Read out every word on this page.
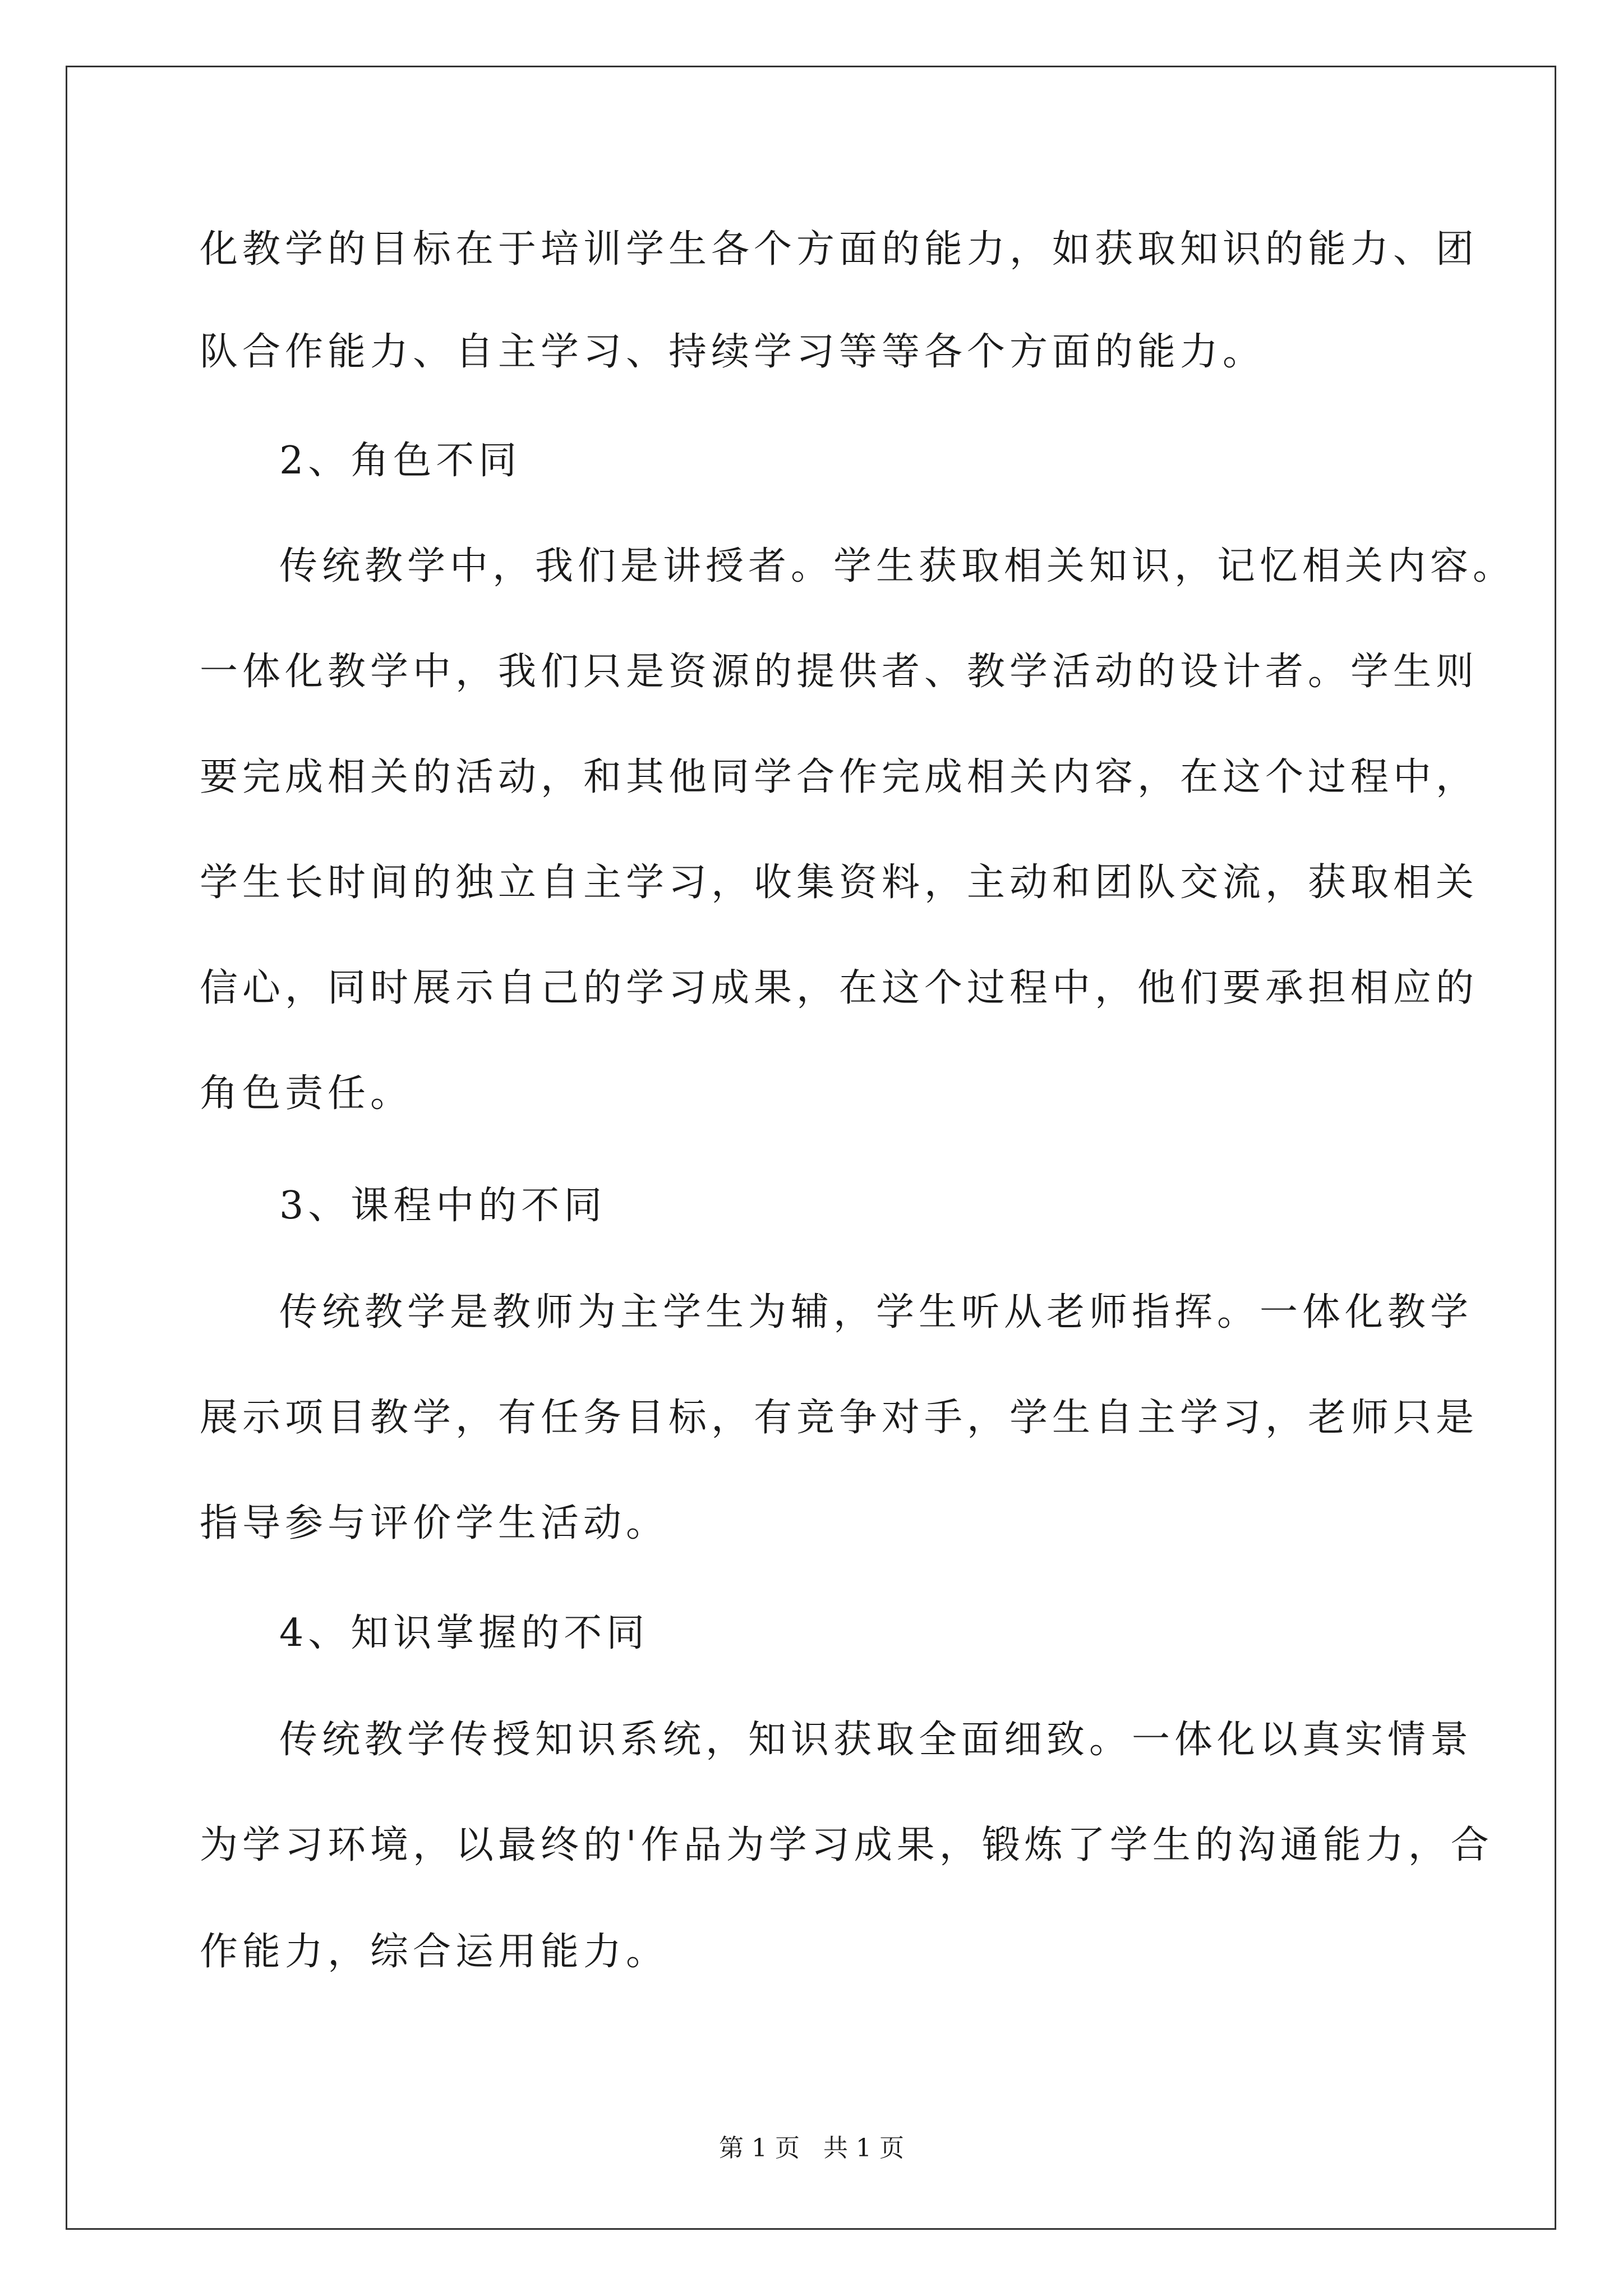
化教学的目标在于培训学生各个方面的能力，如获取知识的能力、团
队合作能力、自主学习、持续学习等等各个方面的能力。
2、角色不同
传统教学中，我们是讲授者。学生获取相关知识，记忆相关内容。
一体化教学中，我们只是资源的提供者、教学活动的设计者。学生则
要完成相关的活动，和其他同学合作完成相关内容，在这个过程中，
学生长时间的独立自主学习，收集资料，主动和团队交流，获取相关
信心，同时展示自己的学习成果，在这个过程中，他们要承担相应的
角色责任。
3、课程中的不同
传统教学是教师为主学生为辅，学生听从老师指挥。一体化教学
展示项目教学，有任务目标，有竞争对手，学生自主学习，老师只是
指导参与评价学生活动。
4、知识掌握的不同
传统教学传授知识系统，知识获取全面细致。一体化以真实情景
为学习环境，以最终的'作品为学习成果，锻炼了学生的沟通能力，合
作能力，综合运用能力。
第 1 页   共 1 页
